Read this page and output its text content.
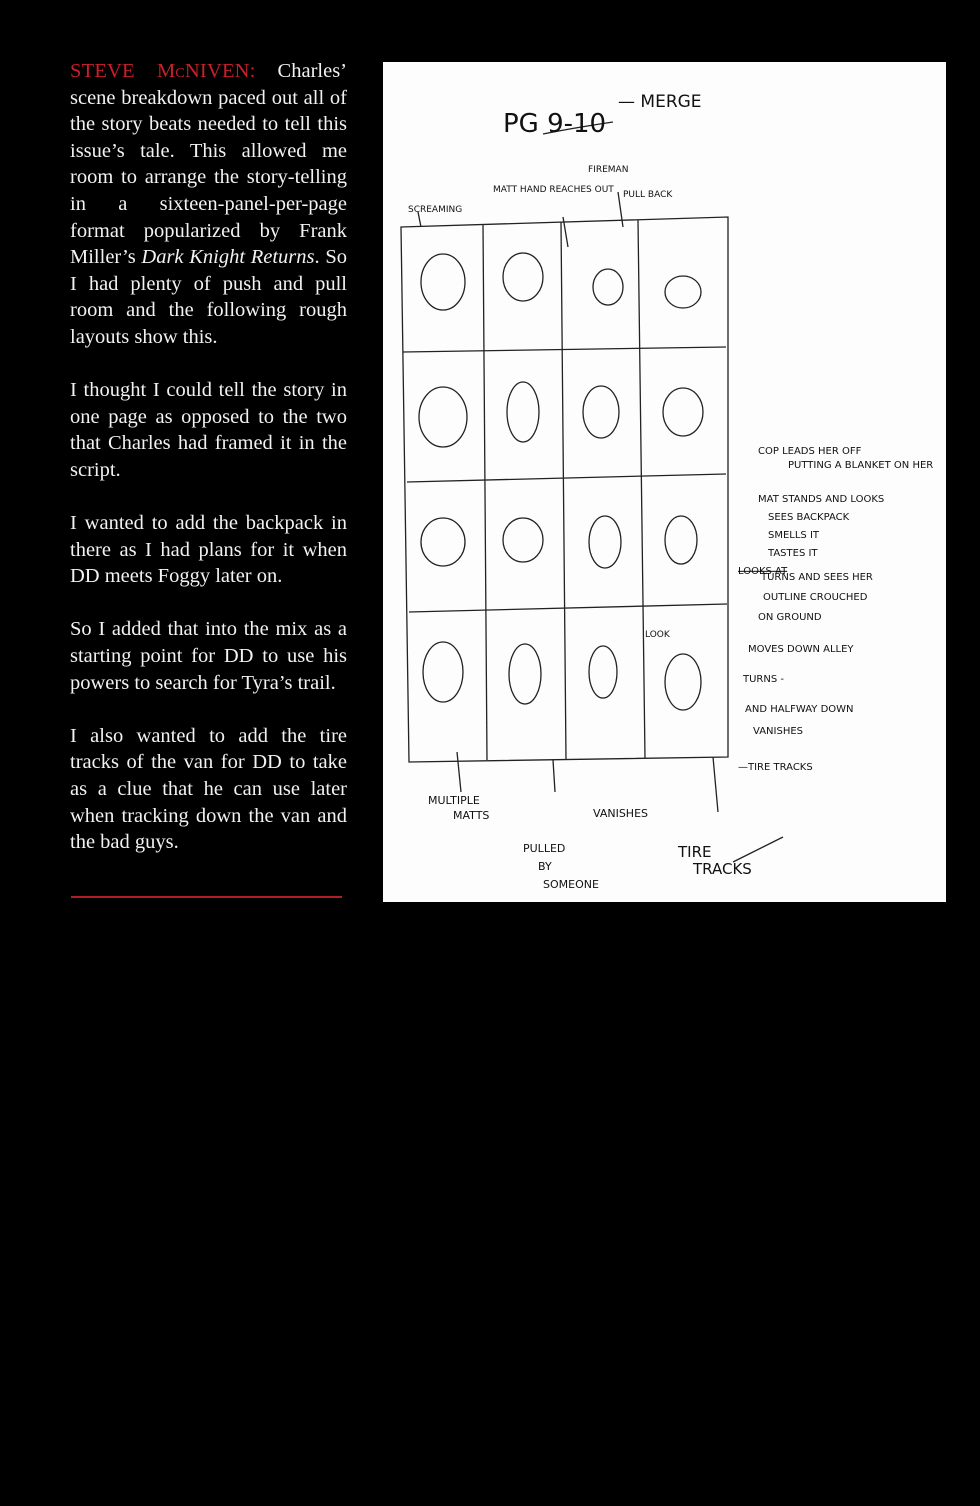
STEVE McNIVEN: Charles’ scene breakdown paced out all of the story beats needed to tell this issue’s tale. This allowed me room to arrange the story-telling in a sixteen-panel-per-page format popularized by Frank Miller’s Dark Knight Returns. So I had plenty of push and pull room and the following rough layouts show this.

I thought I could tell the story in one page as opposed to the two that Charles had framed it in the script.

I wanted to add the backpack in there as I had plans for it when DD meets Foggy later on.

So I added that into the mix as a starting point for DD to use his powers to search for Tyra’s trail.

I also wanted to add the tire tracks of the van for DD to take as a clue that he can use later when tracking down the van and the bad guys.

PG 9-10
— MERGE
SCREAMING
MATT HAND REACHES OUT
FIREMAN
PULL BACK
LOOK
COP LEADS HER OFF
PUTTING A BLANKET ON HER
MAT STANDS AND LOOKS
SEES BACKPACK
SMELLS IT
TASTES IT
LOOKS AT
TURNS AND SEES HER
OUTLINE CROUCHED
ON GROUND
MOVES DOWN ALLEY
TURNS -
AND HALFWAY DOWN
VANISHES
—TIRE TRACKS
MULTIPLE
MATTS
PULLED
BY
SOMEONE
VANISHES
TIRE
TRACKS
